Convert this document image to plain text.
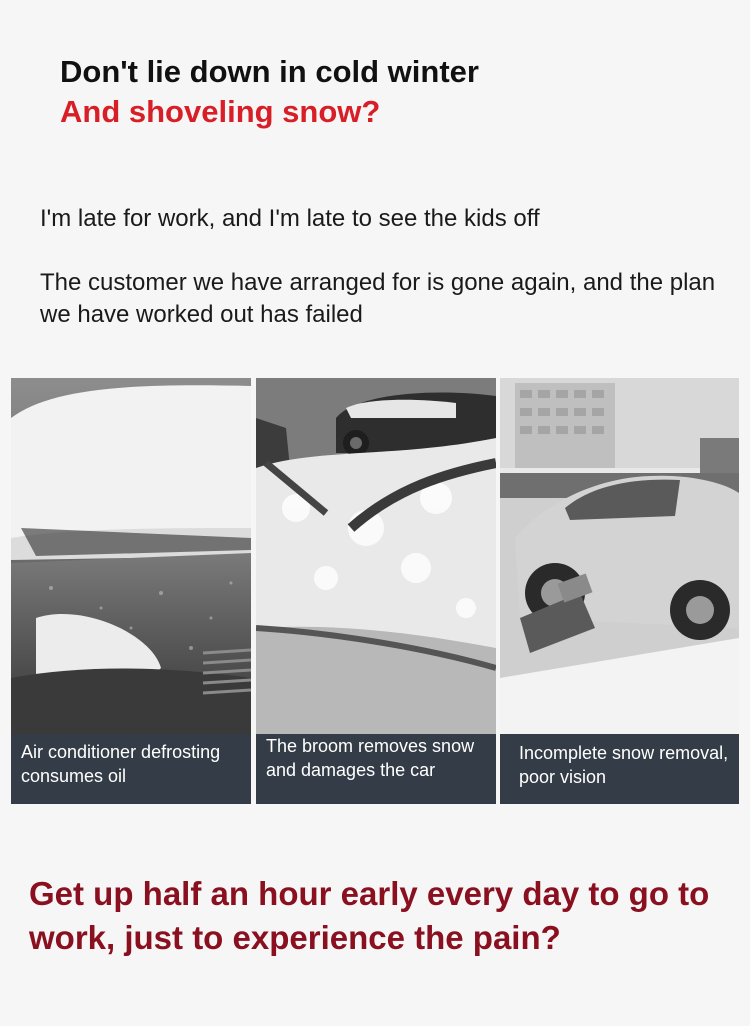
Don't lie down in cold winter
And shoveling snow?

I'm late for work, and I'm late to see the kids off

The customer we have arranged for is gone again, and the plan we have worked out has failed

Air conditioner defrosting consumes oil
The broom removes snow and damages the car
Incomplete snow removal, poor vision
Get up half an hour early every day to go to work, just to experience the pain?
